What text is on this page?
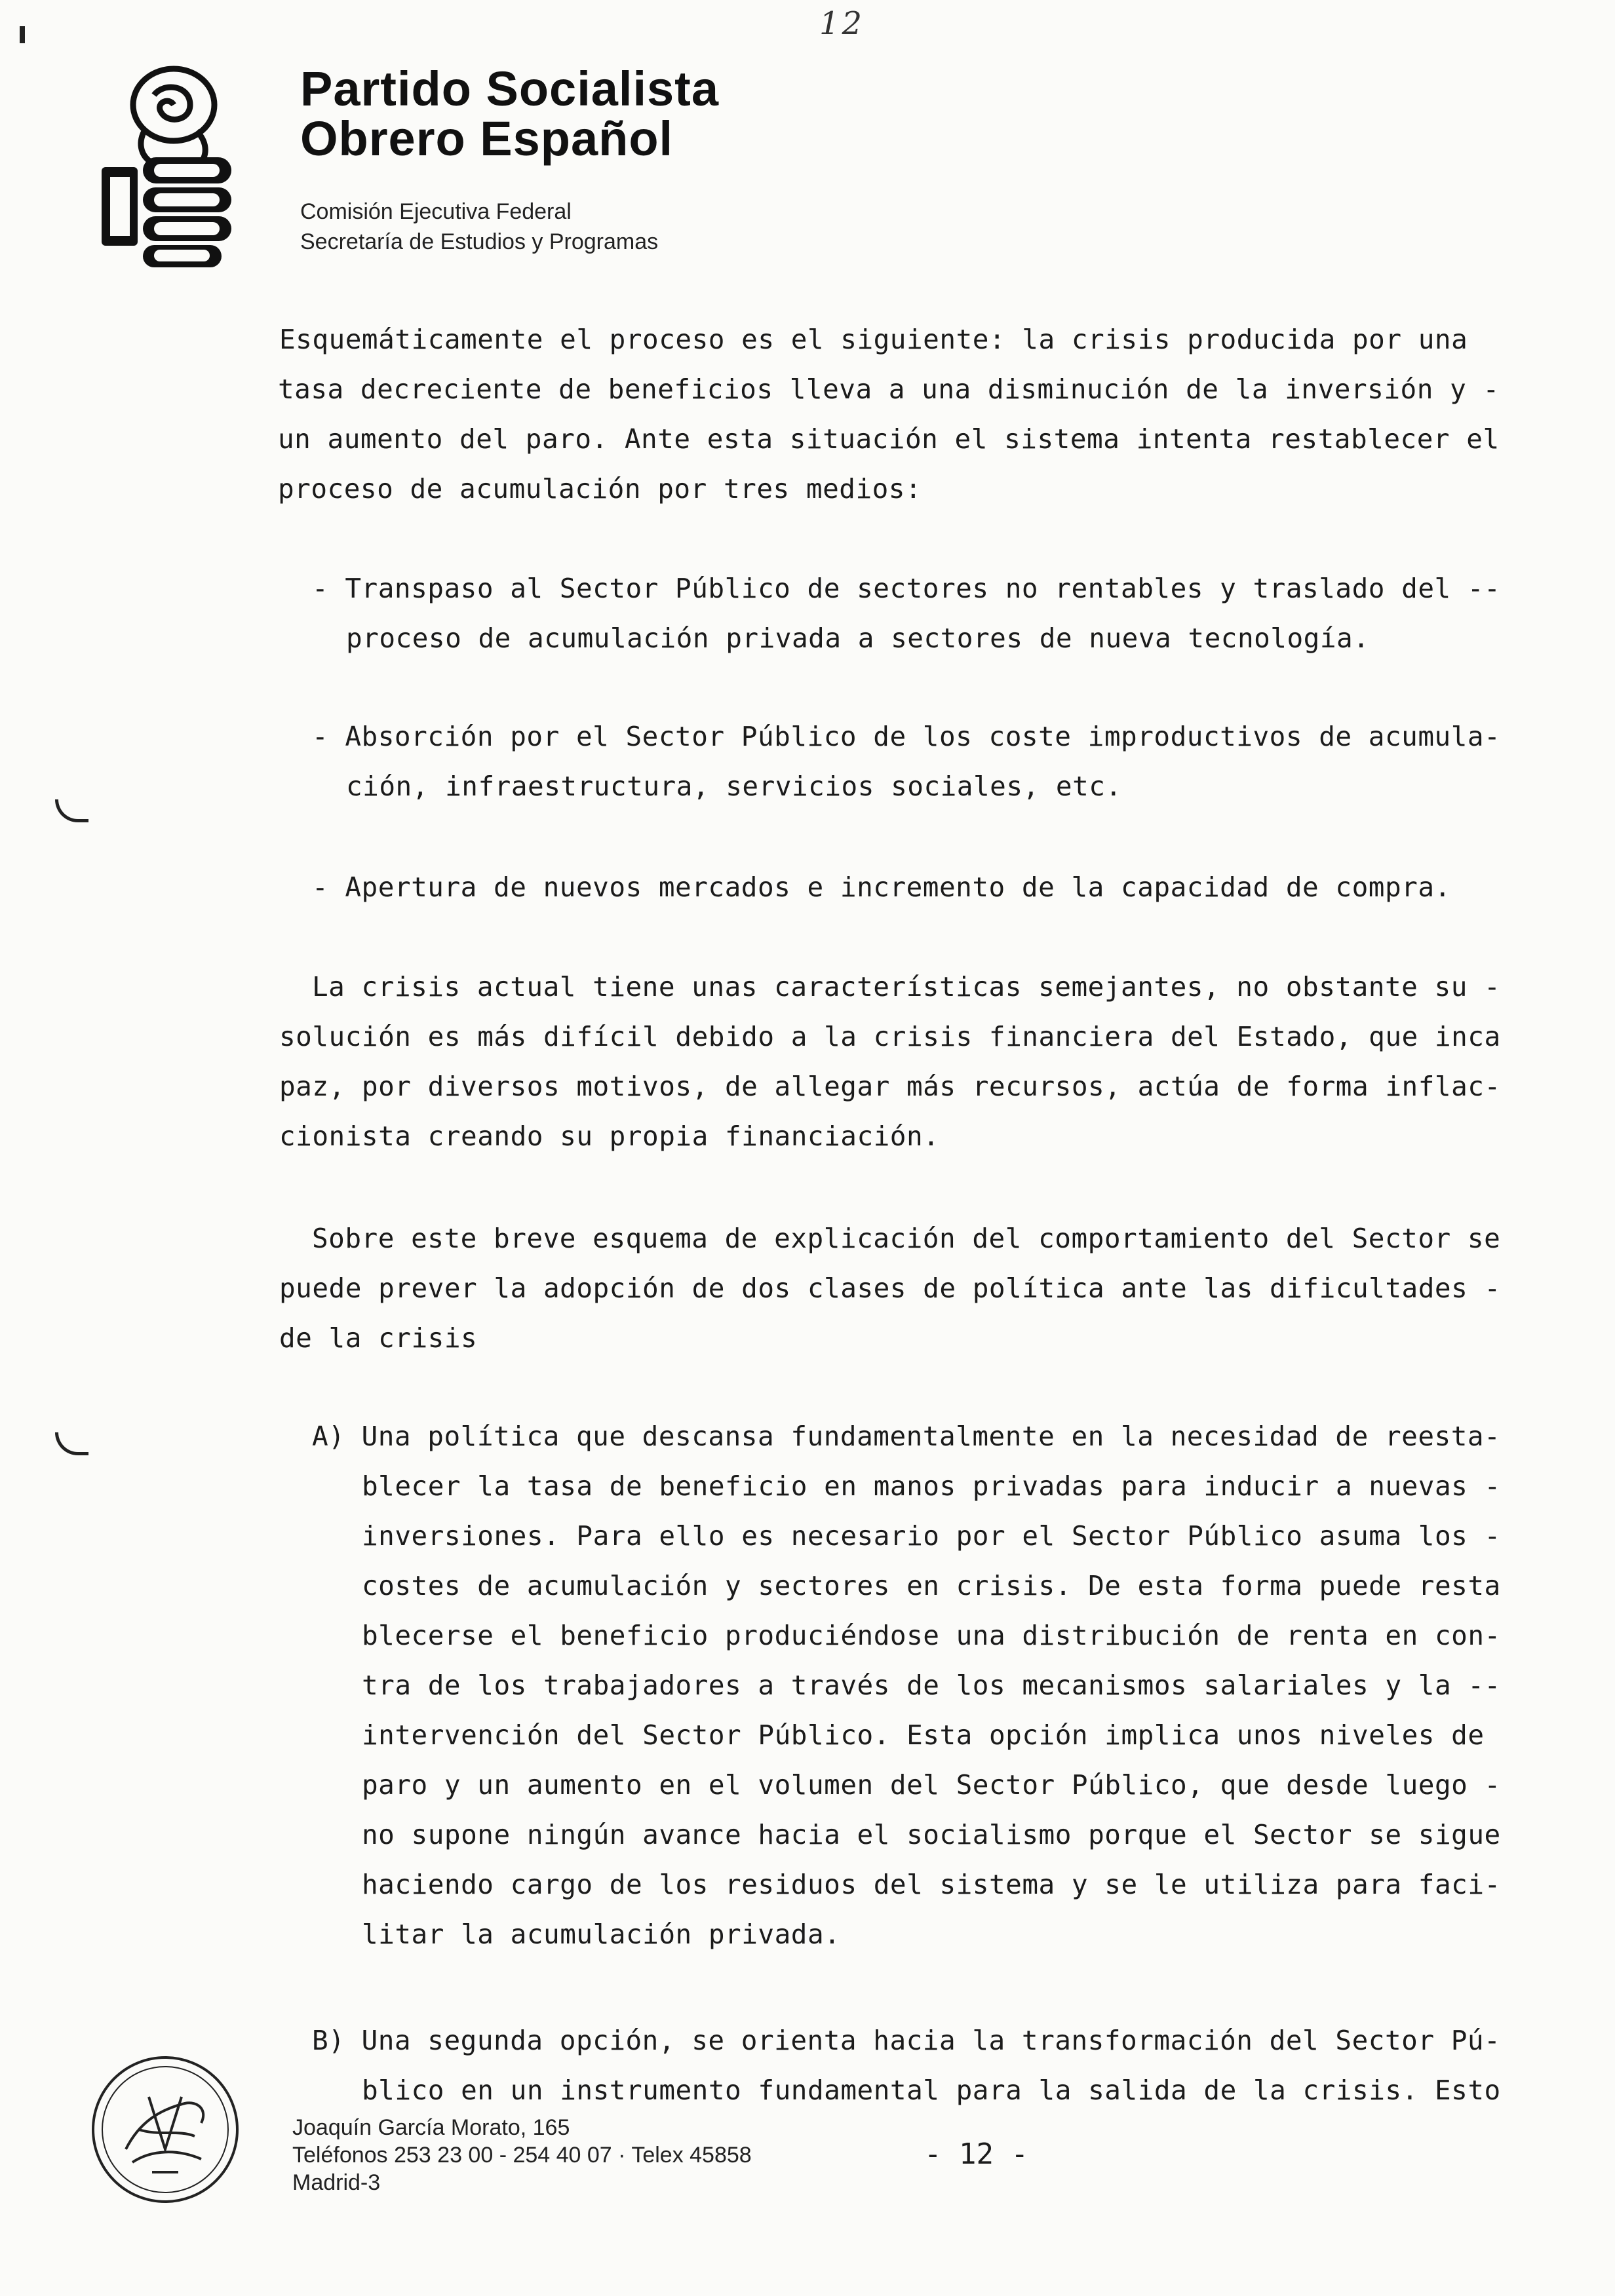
12
Partido Socialista
Obrero Español
Comisión Ejecutiva Federal
Secretaría de Estudios y Programas
Esquemáticamente el proceso es el siguiente: la crisis producida por una
tasa decreciente de beneficios lleva a una disminución de la inversión y -
un aumento del paro. Ante esta situación el sistema intenta restablecer el
proceso de acumulación por tres medios:
- Transpaso al Sector Público de sectores no rentables y traslado del --
proceso de acumulación privada a sectores de nueva tecnología.
- Absorción por el Sector Público de los coste improductivos de acumula-
ción, infraestructura, servicios sociales, etc.
- Apertura de nuevos mercados e incremento de la capacidad de compra.
La crisis actual tiene unas características semejantes, no obstante su -
solución es más difícil debido a la crisis financiera del Estado, que inca
paz, por diversos motivos, de allegar más recursos, actúa de forma inflac-
cionista creando su propia financiación.
Sobre este breve esquema de explicación del comportamiento del Sector se
puede prever la adopción de dos clases de política ante las dificultades -
de la crisis
A) Una política que descansa fundamentalmente en la necesidad de reesta-
blecer la tasa de beneficio en manos privadas para inducir a nuevas -
inversiones. Para ello es necesario por el Sector Público asuma los -
costes de acumulación y sectores en crisis. De esta forma puede resta
blecerse el beneficio produciéndose una distribución de renta en con-
tra de los trabajadores a través de los mecanismos salariales y la --
intervención del Sector Público. Esta opción implica unos niveles de
paro y un aumento en el volumen del Sector Público, que desde luego -
no supone ningún avance hacia el socialismo porque el Sector se sigue
haciendo cargo de los residuos del sistema y se le utiliza para faci-
litar la acumulación privada.
B) Una segunda opción, se orienta hacia la transformación del Sector Pú-
blico en un instrumento fundamental para la salida de la crisis. Esto
Joaquín García Morato, 165
Teléfonos 253 23 00 - 254 40 07 · Telex 45858
Madrid-3
- 12 -
